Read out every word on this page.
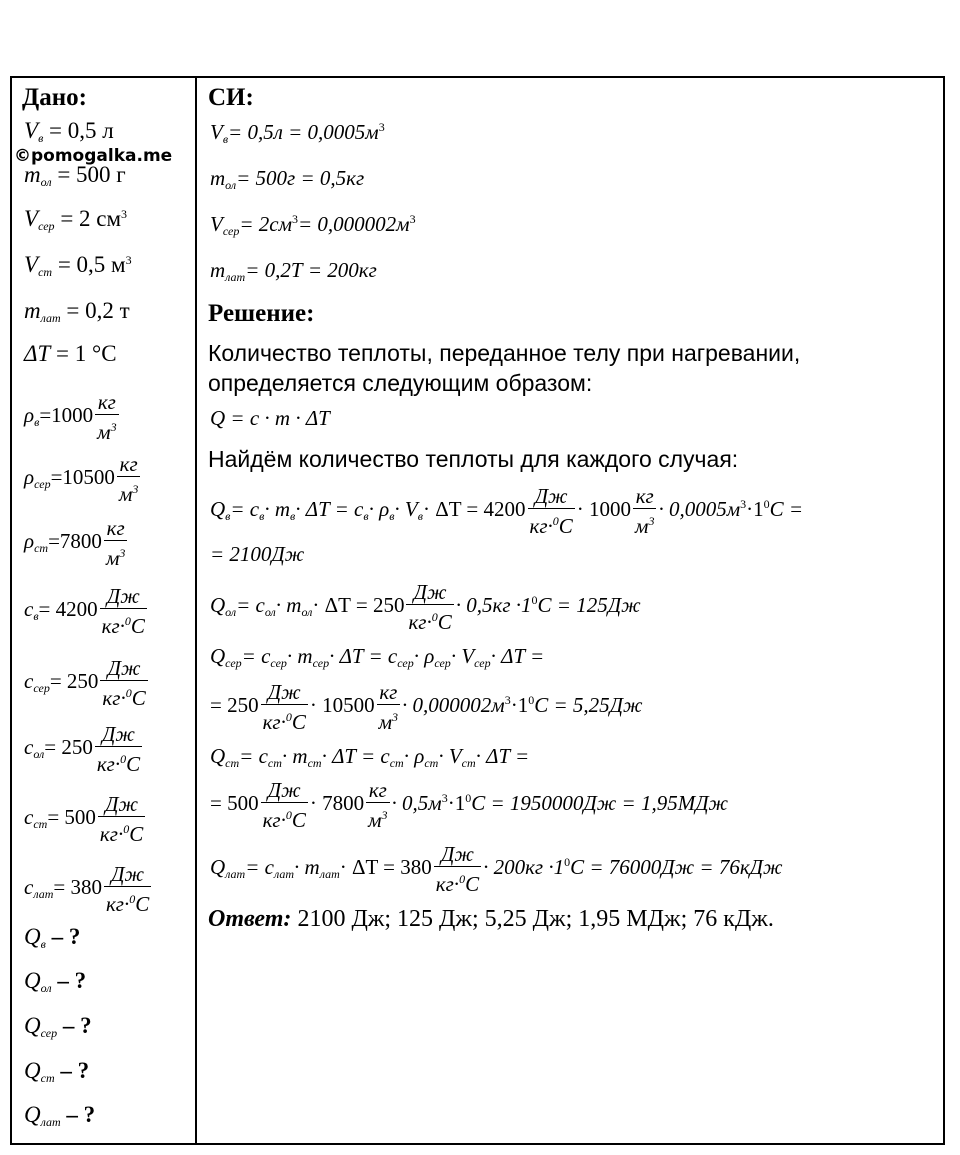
©pomogalka.me
Дано:
$V_в = 0,5$ л
$m_{ол} = 500$ г
$V_{сер} = 2$ $см^3$
$V_{ст} = 0,5$ $м^3$
$m_{лат} = 0,2$ т
ΔT = 1 °C
$\rho_в=1000 \frac{кг}{м^3}$
$\rho_{сер}=10500 \frac{кг}{м^3}$
$\rho_{ст}=7800 \frac{кг}{м^3}$
$c_в= 4200 \frac{Дж}{кг\cdot^0C}$
$c_{сер}= 250 \frac{Дж}{кг\cdot^0C}$
$c_{ол}= 250 \frac{Дж}{кг\cdot^0C}$
$c_{ст}= 500 \frac{Дж}{кг\cdot^0C}$
$c_{лат}= 380 \frac{Дж}{кг\cdot^0C}$
$Q_в$ – ?
$Q_{ол}$ – ?
$Q_{сер}$ – ?
$Q_{ст}$ – ?
$Q_{лат}$ – ?
СИ:
$V_в= 0,5л = 0,0005м^3$
$m_{ол}= 500г = 0,5кг$
$V_{сер}= 2см^3= 0,000002м^3$
$m_{лат}= 0,2Т = 200кг$
Решение:
Количество теплоты, переданное телу при нагревании,
определяется следующим образом:
Q = c · m · ΔT
Найдём количество теплоты для каждого случая:
$Q_в= c_в\cdot m_в\cdot \Delta T = c_в\cdot \rho_в\cdot V_в\cdot \Delta T = 4200 \frac{Дж}{кг\cdot^0C} \cdot 1000 \frac{кг}{м^3} \cdot 0,0005м^3\cdot 1^0C$ =
= 2100Дж
$Q_{ол}= c_{ол}\cdot m_{ол}\cdot \Delta T = 250 \frac{Дж}{кг\cdot^0C} \cdot 0,5кг \cdot 1^0C = 125Дж$
$Q_{сер}= c_{сер}\cdot m_{сер}\cdot \Delta T = c_{сер}\cdot \rho_{сер}\cdot V_{сер}\cdot \Delta T$ =
= $250 \frac{Дж}{кг\cdot^0C} \cdot 10500 \frac{кг}{м^3} \cdot 0,000002м^3\cdot 1^0C = 5,25Дж$
$Q_{ст}= c_{ст}\cdot m_{ст}\cdot \Delta T = c_{ст}\cdot \rho_{ст}\cdot V_{ст}\cdot \Delta T$ =
= $500 \frac{Дж}{кг\cdot^0C} \cdot 7800 \frac{кг}{м^3} \cdot 0,5м^3\cdot 1^0C = 1950000Дж = 1,95МДж$
$Q_{лат}= c_{лат}\cdot m_{лат}\cdot \Delta T = 380 \frac{Дж}{кг\cdot^0C} \cdot 200кг \cdot 1^0C = 76000Дж = 76кДж$
Ответ: 2100 Дж; 125 Дж; 5,25 Дж; 1,95 МДж; 76 кДж.
